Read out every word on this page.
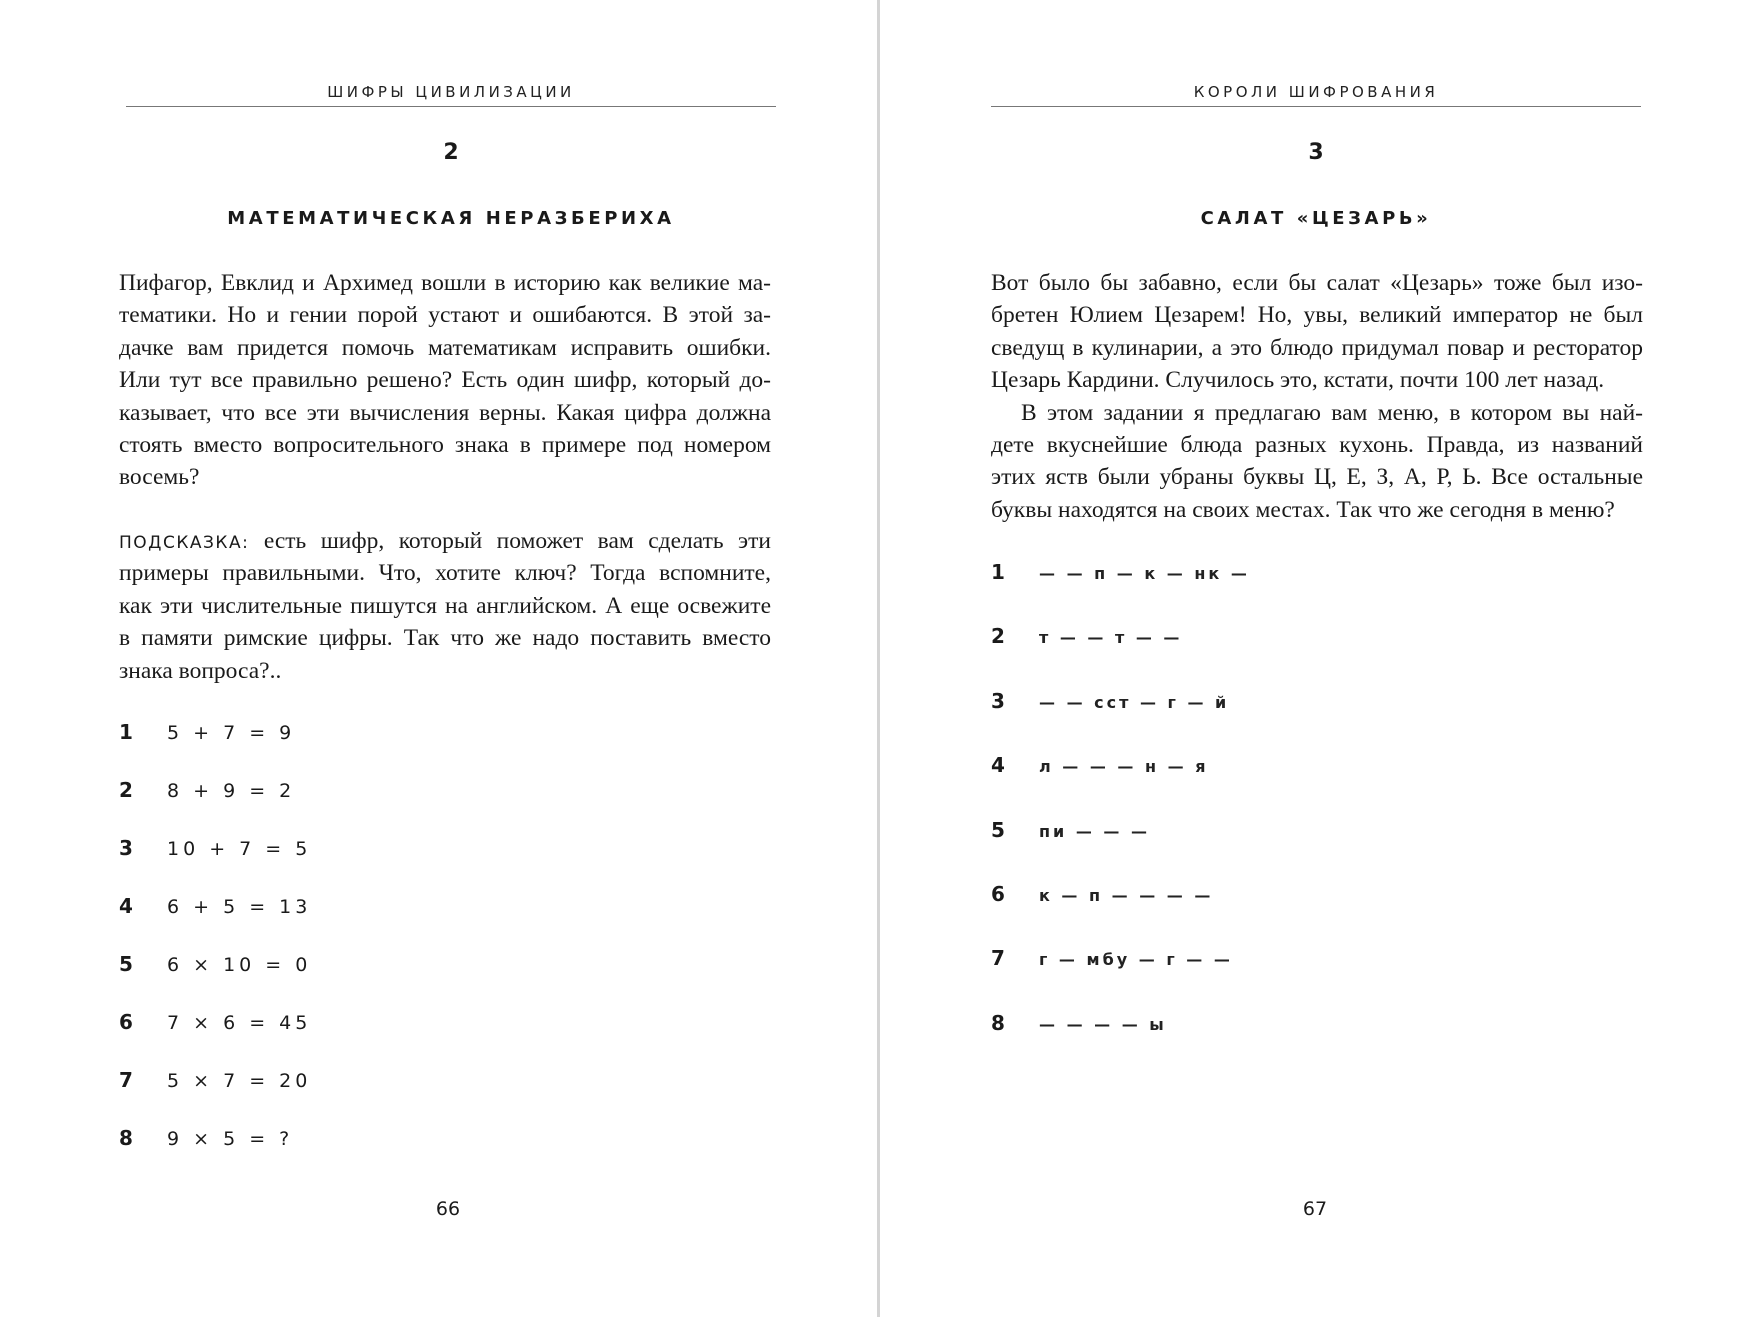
ШИФРЫ ЦИВИЛИЗАЦИИ
2
МАТЕМАТИЧЕСКАЯ НЕРАЗБЕРИХА
Пифагор, Евклид и Архимед вошли в историю как великие ма-
тематики. Но и гении порой устают и ошибаются. В этой за-
дачке вам придется помочь математикам исправить ошибки.
Или тут все правильно решено? Есть один шифр, который до-
казывает, что все эти вычисления верны. Какая цифра должна
стоять вместо вопросительного знака в примере под номером
восемь?
ПОДСКАЗКА: есть шифр, который поможет вам сделать эти
примеры правильными. Что, хотите ключ? Тогда вспомните,
как эти числительные пишутся на английском. А еще освежите
в памяти римские цифры. Так что же надо поставить вместо
знака вопроса?..
1 5 + 7 = 9
2 8 + 9 = 2
3 10 + 7 = 5
4 6 + 5 = 13
5 6 × 10 = 0
6 7 × 6 = 45
7 5 × 7 = 20
8 9 × 5 = ?
66
КОРОЛИ ШИФРОВАНИЯ
3
САЛАТ «ЦЕЗАРЬ»
Вот было бы забавно, если бы салат «Цезарь» тоже был изо-
бретен Юлием Цезарем! Но, увы, великий император не был
сведущ в кулинарии, а это блюдо придумал повар и ресторатор
Цезарь Кардини. Случилось это, кстати, почти 100 лет назад.
В этом задании я предлагаю вам меню, в котором вы най-
дете вкуснейшие блюда разных кухонь. Правда, из названий
этих яств были убраны буквы Ц, Е, З, А, Р, Ь. Все остальные
буквы находятся на своих местах. Так что же сегодня в меню?
1 — — п — к — нк —
2 т — — т — —
3 — — сст — г — й
4 л — — — н — я
5 пи — — —
6 к — п — — — —
7 г — мбу — г — —
8 — — — — ы
67
